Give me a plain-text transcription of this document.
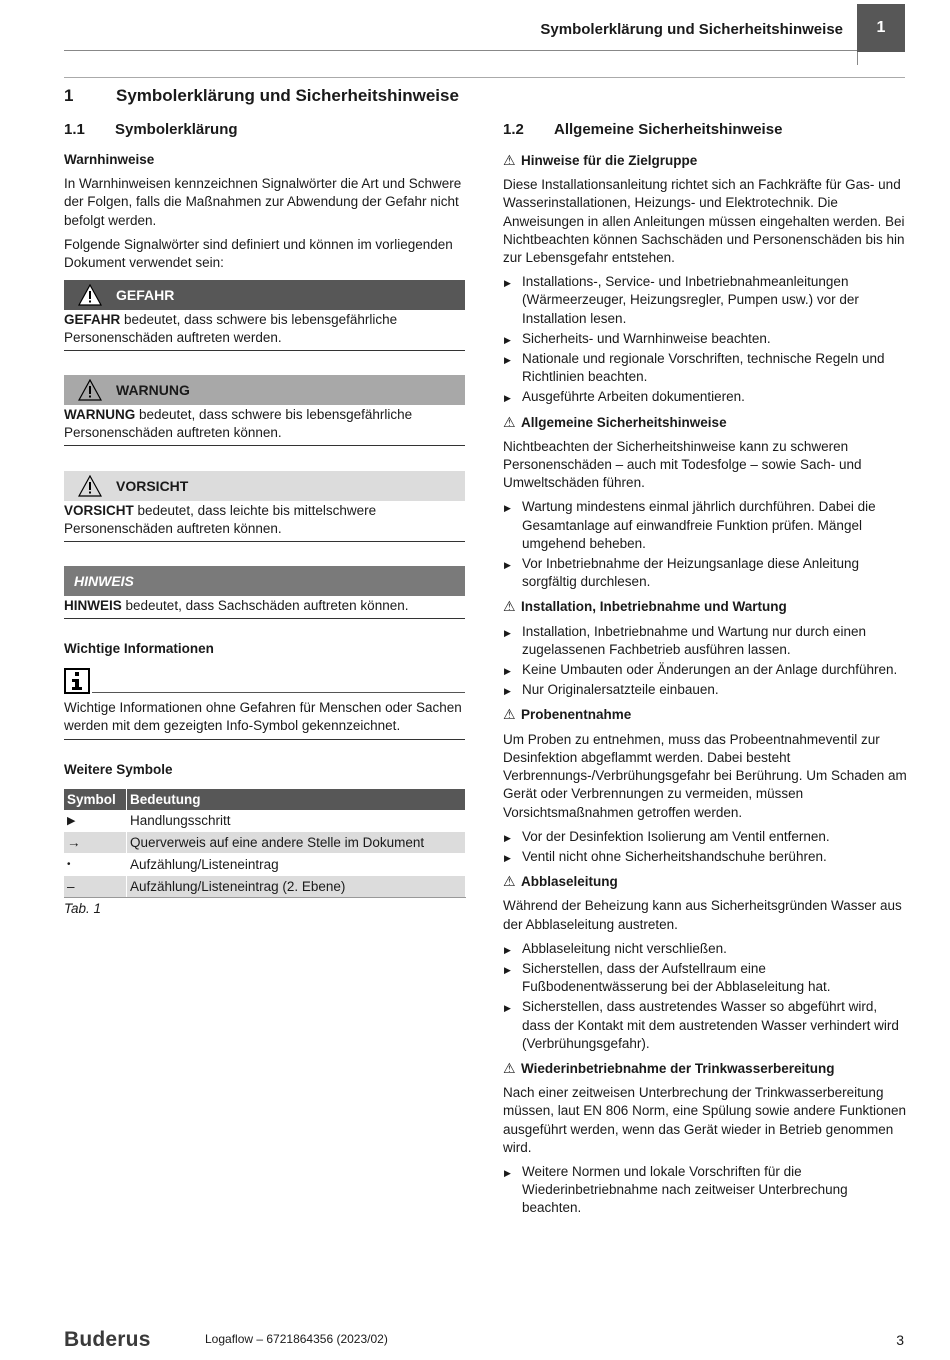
Symbolerklärung und Sicherheitshinweise	1
1	Symbolerklärung und Sicherheitshinweise
1.1 Symbolerklärung

Warnhinweise

In Warnhinweisen kennzeichnen Signalwörter die Art und Schwere der Folgen, falls die Maßnahmen zur Abwendung der Gefahr nicht befolgt werden.

Folgende Signalwörter sind definiert und können im vorliegenden Dokument verwendet sein:

GEFAHR
GEFAHR bedeutet, dass schwere bis lebensgefährliche Personenschäden auftreten werden.
WARNUNG
WARNUNG bedeutet, dass schwere bis lebensgefährliche Personenschäden auftreten können.
VORSICHT
VORSICHT bedeutet, dass leichte bis mittelschwere Personenschäden auftreten können.
HINWEIS
HINWEIS bedeutet, dass Sachschäden auftreten können.

Wichtige Informationen

Wichtige Informationen ohne Gefahren für Menschen oder Sachen werden mit dem gezeigten Info-Symbol gekennzeichnet.

Weitere Symbole

Symbol	Bedeutung
▶	Handlungsschritt
→	Querverweis auf eine andere Stelle im Dokument
•	Aufzählung/Listeneintrag
–	Aufzählung/Listeneintrag (2. Ebene)
Tab. 1
1.2 Allgemeine Sicherheitshinweise

⚠ Hinweise für die Zielgruppe

Diese Installationsanleitung richtet sich an Fachkräfte für Gas- und Wasserinstallationen, Heizungs- und Elektrotechnik. Die Anweisungen in allen Anleitungen müssen eingehalten werden. Bei Nichtbeachten können Sachschäden und Personenschäden bis hin zur Lebensgefahr entstehen.

▶ Installations-, Service- und Inbetriebnahmeanleitungen (Wärmeerzeuger, Heizungsregler, Pumpen usw.) vor der Installation lesen.
▶ Sicherheits- und Warnhinweise beachten.
▶ Nationale und regionale Vorschriften, technische Regeln und Richtlinien beachten.
▶ Ausgeführte Arbeiten dokumentieren.

⚠ Allgemeine Sicherheitshinweise

Nichtbeachten der Sicherheitshinweise kann zu schweren Personenschäden – auch mit Todesfolge – sowie Sach- und Umweltschäden führen.

▶ Wartung mindestens einmal jährlich durchführen. Dabei die Gesamtanlage auf einwandfreie Funktion prüfen. Mängel umgehend beheben.
▶ Vor Inbetriebnahme der Heizungsanlage diese Anleitung sorgfältig durchlesen.

⚠ Installation, Inbetriebnahme und Wartung

▶ Installation, Inbetriebnahme und Wartung nur durch einen zugelassenen Fachbetrieb ausführen lassen.
▶ Keine Umbauten oder Änderungen an der Anlage durchführen.
▶ Nur Originalersatzteile einbauen.

⚠ Probenentnahme

Um Proben zu entnehmen, muss das Probeentnahmeventil zur Desinfektion abgeflammt werden. Dabei besteht Verbrennungs-/Verbrühungsgefahr bei Berührung. Um Schaden am Gerät oder Verbrennungen zu vermeiden, müssen Vorsichtsmaßnahmen getroffen werden.

▶ Vor der Desinfektion Isolierung am Ventil entfernen.
▶ Ventil nicht ohne Sicherheitshandschuhe berühren.

⚠ Abblaseleitung

Während der Beheizung kann aus Sicherheitsgründen Wasser aus der Abblaseleitung austreten.

▶ Abblaseleitung nicht verschließen.
▶ Sicherstellen, dass der Aufstellraum eine Fußbodenentwässerung bei der Abblaseleitung hat.
▶ Sicherstellen, dass austretendes Wasser so abgeführt wird, dass der Kontakt mit dem austretenden Wasser verhindert wird (Verbrühungsgefahr).

⚠ Wiederinbetriebnahme der Trinkwasserbereitung

Nach einer zeitweisen Unterbrechung der Trinkwasserbereitung müssen, laut EN 806 Norm, eine Spülung sowie andere Funktionen ausgeführt werden, wenn das Gerät wieder in Betrieb genommen wird.

▶ Weitere Normen und lokale Vorschriften für die Wiederinbetriebnahme nach zeitweiser Unterbrechung beachten.
Buderus	Logaflow – 6721864356 (2023/02)	3
